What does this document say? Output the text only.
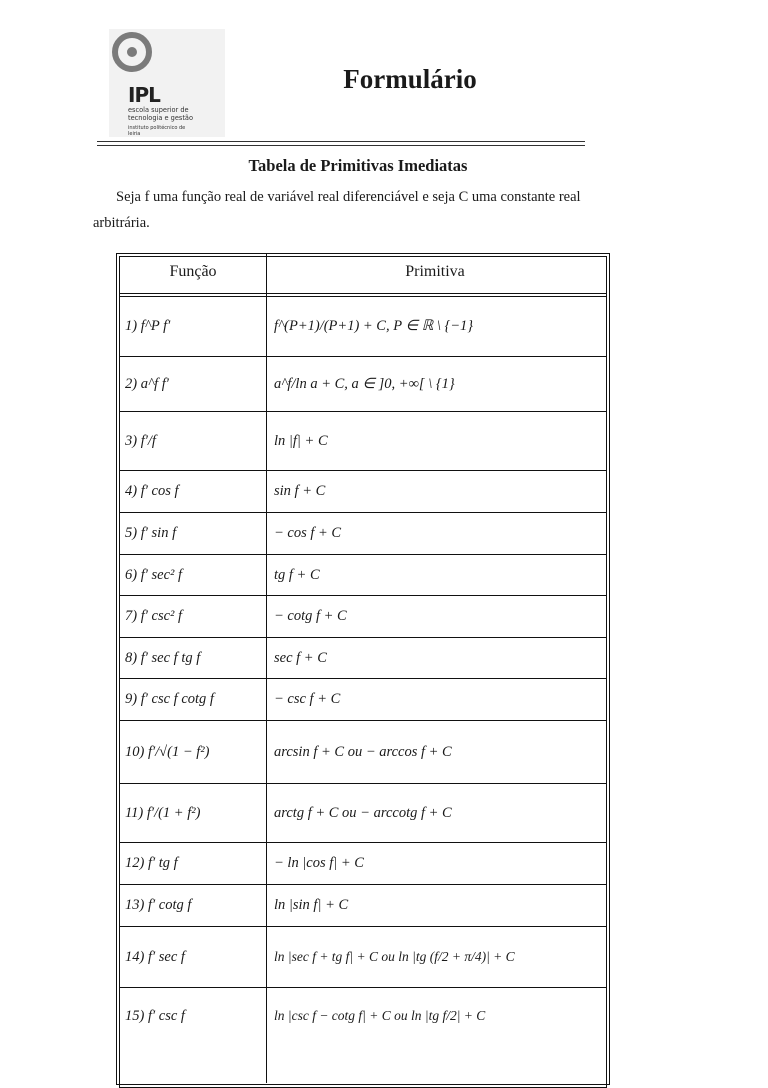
IPL
escola superior de tecnologia e gestão
instituto politécnico de leiria
Formulário
Tabela de Primitivas Imediatas
Seja f uma função real de variável real diferenciável e seja C uma constante real arbitrária.
Função	Primitiva
1) f^P f′	f^(P+1)/(P+1) + C, P ∈ ℝ \ {−1}
2) a^f f′	a^f/ln a + C, a ∈ ]0, +∞[ \ {1}
3) f′/f	ln |f| + C
4) f′ cos f	sin f + C
5) f′ sin f	− cos f + C
6) f′ sec² f	tg f + C
7) f′ csc² f	− cotg f + C
8) f′ sec f tg f	sec f + C
9) f′ csc f cotg f	− csc f + C
10) f′/√(1 − f²)	arcsin f + C ou − arccos f + C
11) f′/(1 + f²)	arctg f + C ou − arccotg f + C
12) f′ tg f	− ln |cos f| + C
13) f′ cotg f	ln |sin f| + C
14) f′ sec f	ln |sec f + tg f| + C ou ln |tg (f/2 + π/4)| + C
15) f′ csc f	ln |csc f − cotg f| + C ou ln |tg f/2| + C
